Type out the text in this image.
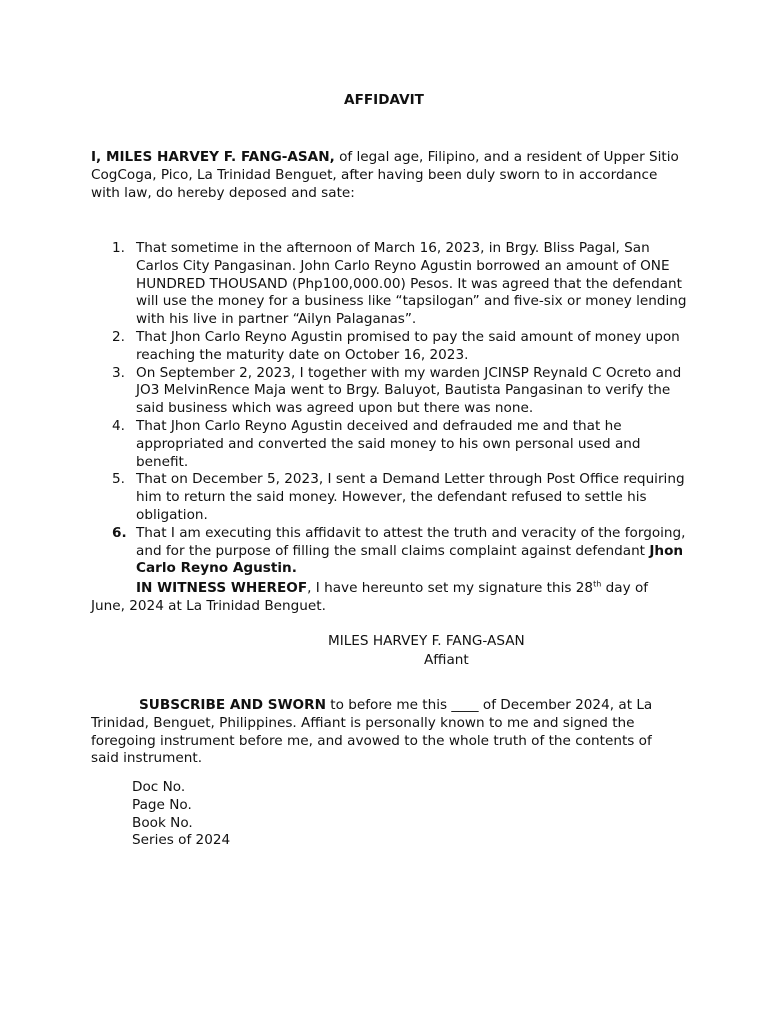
AFFIDAVIT
I, MILES HARVEY F. FANG-ASAN, of legal age, Filipino, and a resident of Upper Sitio CogCoga, Pico, La Trinidad Benguet, after having been duly sworn to in accordance with law, do hereby deposed and sate:
1. That sometime in the afternoon of March 16, 2023, in Brgy. Bliss Pagal, San Carlos City Pangasinan. John Carlo Reyno Agustin borrowed an amount of ONE HUNDRED THOUSAND (Php100,000.00) Pesos. It was agreed that the defendant will use the money for a business like “tapsilogan” and five-six or money lending with his live in partner “Ailyn Palaganas”.
2. That Jhon Carlo Reyno Agustin promised to pay the said amount of money upon reaching the maturity date on October 16, 2023.
3. On September 2, 2023, I together with my warden JCINSP Reynald C Ocreto and JO3 MelvinRence Maja went to Brgy. Baluyot, Bautista Pangasinan to verify the said business which was agreed upon but there was none.
4. That Jhon Carlo Reyno Agustin deceived and defrauded me and that he appropriated and converted the said money to his own personal used and benefit.
5. That on December 5, 2023, I sent a Demand Letter through Post Office requiring him to return the said money. However, the defendant refused to settle his obligation.
6. That I am executing this affidavit to attest the truth and veracity of the forgoing, and for the purpose of filling the small claims complaint against defendant Jhon Carlo Reyno Agustin.
IN WITNESS WHEREOF, I have hereunto set my signature this 28th day of June, 2024 at La Trinidad Benguet.
MILES HARVEY F. FANG-ASAN
Affiant
SUBSCRIBE AND SWORN to before me this ____ of December 2024, at La Trinidad, Benguet, Philippines. Affiant is personally known to me and signed the foregoing instrument before me, and avowed to the whole truth of the contents of said instrument.
Doc No.
Page No.
Book No.
Series of 2024
